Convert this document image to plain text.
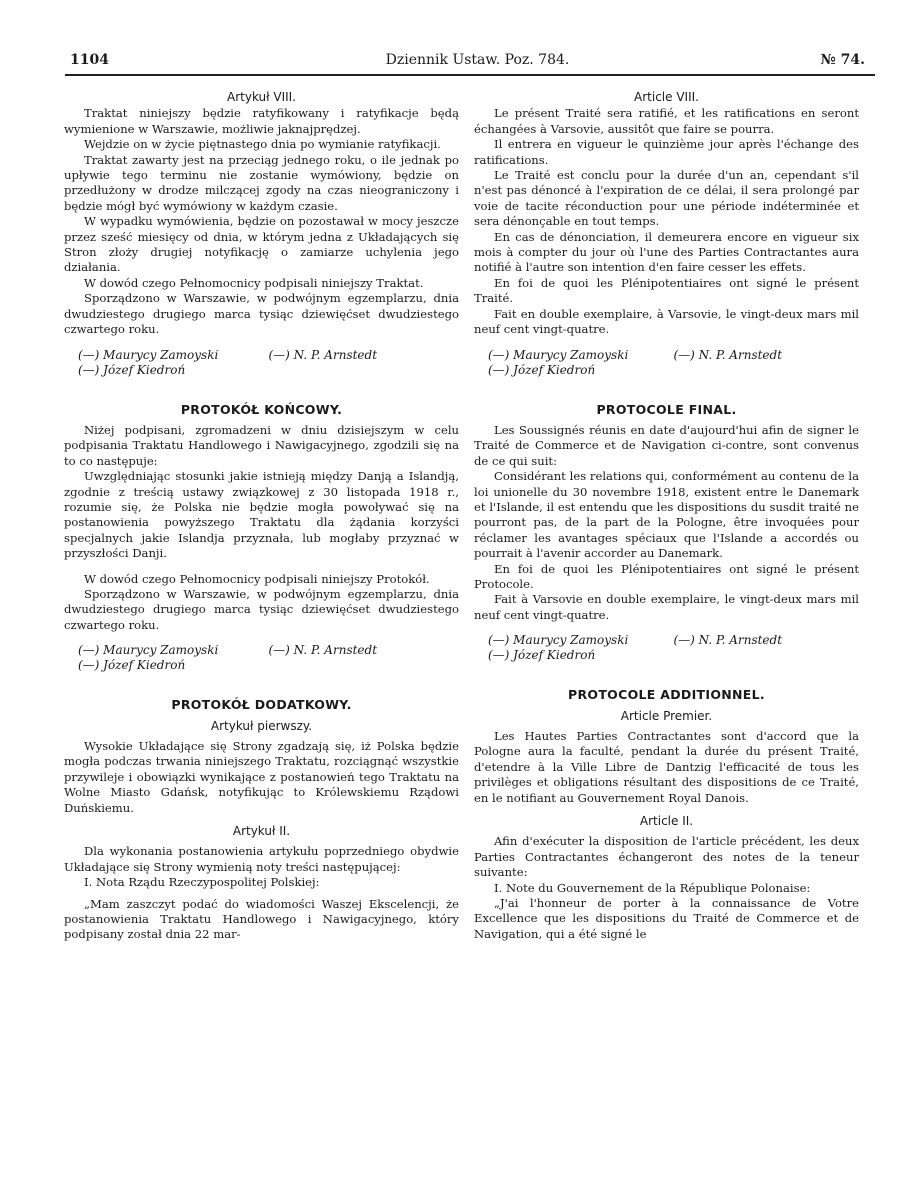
1104	Dziennik Ustaw. Poz. 784.	№ 74.
Artykuł VIII.

Traktat niniejszy będzie ratyfikowany i ratyfikacje będą wymienione w Warszawie, możliwie jaknajprędzej.

Wejdzie on w życie piętnastego dnia po wymianie ratyfikacji.

Traktat zawarty jest na przeciąg jednego roku, o ile jednak po upływie tego terminu nie zostanie wymówiony, będzie on przedłużony w drodze milczącej zgody na czas nieograniczony i będzie mógł być wymówiony w każdym czasie.

W wypadku wymówienia, będzie on pozostawał w mocy jeszcze przez sześć miesięcy od dnia, w którym jedna z Układających się Stron złoży drugiej notyfikację o zamiarze uchylenia jego działania.

W dowód czego Pełnomocnicy podpisali niniejszy Traktat.

Sporządzono w Warszawie, w podwójnym egzemplarzu, dnia dwudziestego drugiego marca tysiąc dziewięćset dwudziestego czwartego roku.

(—) Maurycy Zamoyski	(—) N. P. Arnstedt
(—) Józef Kiedroń
PROTOKÓŁ KOŃCOWY.

Niżej podpisani, zgromadzeni w dniu dzisiejszym w celu podpisania Traktatu Handlowego i Nawigacyjnego, zgodzili się na to co następuje:

Uwzględniając stosunki jakie istnieją między Danją a Islandją, zgodnie z treścią ustawy związkowej z 30 listopada 1918 r., rozumie się, że Polska nie będzie mogła powoływać się na postanowienia powyższego Traktatu dla żądania korzyści specjalnych jakie Islandja przyznała, lub mogłaby przyznać w przyszłości Danji.

W dowód czego Pełnomocnicy podpisali niniejszy Protokół.

Sporządzono w Warszawie, w podwójnym egzemplarzu, dnia dwudziestego drugiego marca tysiąc dziewięćset dwudziestego czwartego roku.

(—) Maurycy Zamoyski	(—) N. P. Arnstedt
(—) Józef Kiedroń
PROTOKÓŁ DODATKOWY.
Artykuł pierwszy.

Wysokie Układające się Strony zgadzają się, iż Polska będzie mogła podczas trwania niniejszego Traktatu, rozciągnąć wszystkie przywileje i obowiązki wynikające z postanowień tego Traktatu na Wolne Miasto Gdańsk, notyfikując to Królewskiemu Rządowi Duńskiemu.

Artykuł II.

Dla wykonania postanowienia artykułu poprzedniego obydwie Układające się Strony wymienią noty treści następującej:

I. Nota Rządu Rzeczypospolitej Polskiej:

„Mam zaszczyt podać do wiadomości Waszej Ekscelencji, że postanowienia Traktatu Handlowego i Nawigacyjnego, który podpisany został dnia 22 mar-

Article VIII.

Le présent Traité sera ratifié, et les ratifications en seront échangées à Varsovie, aussitôt que faire se pourra.

Il entrera en vigueur le quinzième jour après l'échange des ratifications.

Le Traité est conclu pour la durée d'un an, cependant s'il n'est pas dénoncé à l'expiration de ce délai, il sera prolongé par voie de tacite réconduction pour une période indéterminée et sera dénonçable en tout temps.

En cas de dénonciation, il demeurera encore en vigueur six mois à compter du jour où l'une des Parties Contractantes aura notifié à l'autre son intention d'en faire cesser les effets.

En foi de quoi les Plénipotentiaires ont signé le présent Traité.

Fait en double exemplaire, à Varsovie, le vingt-deux mars mil neuf cent vingt-quatre.

(—) Maurycy Zamoyski	(—) N. P. Arnstedt
(—) Józef Kiedroń
PROTOCOLE FINAL.

Les Soussignés réunis en date d'aujourd'hui afin de signer le Traité de Commerce et de Navigation ci-contre, sont convenus de ce qui suit:

Considérant les relations qui, conformément au contenu de la loi unionelle du 30 novembre 1918, existent entre le Danemark et l'Islande, il est entendu que les dispositions du susdit traité ne pourront pas, de la part de la Pologne, être invoquées pour réclamer les avantages spéciaux que l'Islande a accordés ou pourrait à l'avenir accorder au Danemark.

En foi de quoi les Plénipotentiaires ont signé le présent Protocole.

Fait à Varsovie en double exemplaire, le vingt-deux mars mil neuf cent vingt-quatre.

(—) Maurycy Zamoyski	(—) N. P. Arnstedt
(—) Józef Kiedroń
PROTOCOLE ADDITIONNEL.
Article Premier.

Les Hautes Parties Contractantes sont d'accord que la Pologne aura la faculté, pendant la durée du présent Traité, d'etendre à la Ville Libre de Dantzig l'efficacité de tous les privilèges et obligations résultant des dispositions de ce Traité, en le notifiant au Gouvernement Royal Danois.

Article II.

Afin d'exécuter la disposition de l'article précédent, les deux Parties Contractantes échangeront des notes de la teneur suivante:

I. Note du Gouvernement de la République Polonaise:

„J'ai l'honneur de porter à la connaissance de Votre Excellence que les dispositions du Traité de Commerce et de Navigation, qui a été signé le
